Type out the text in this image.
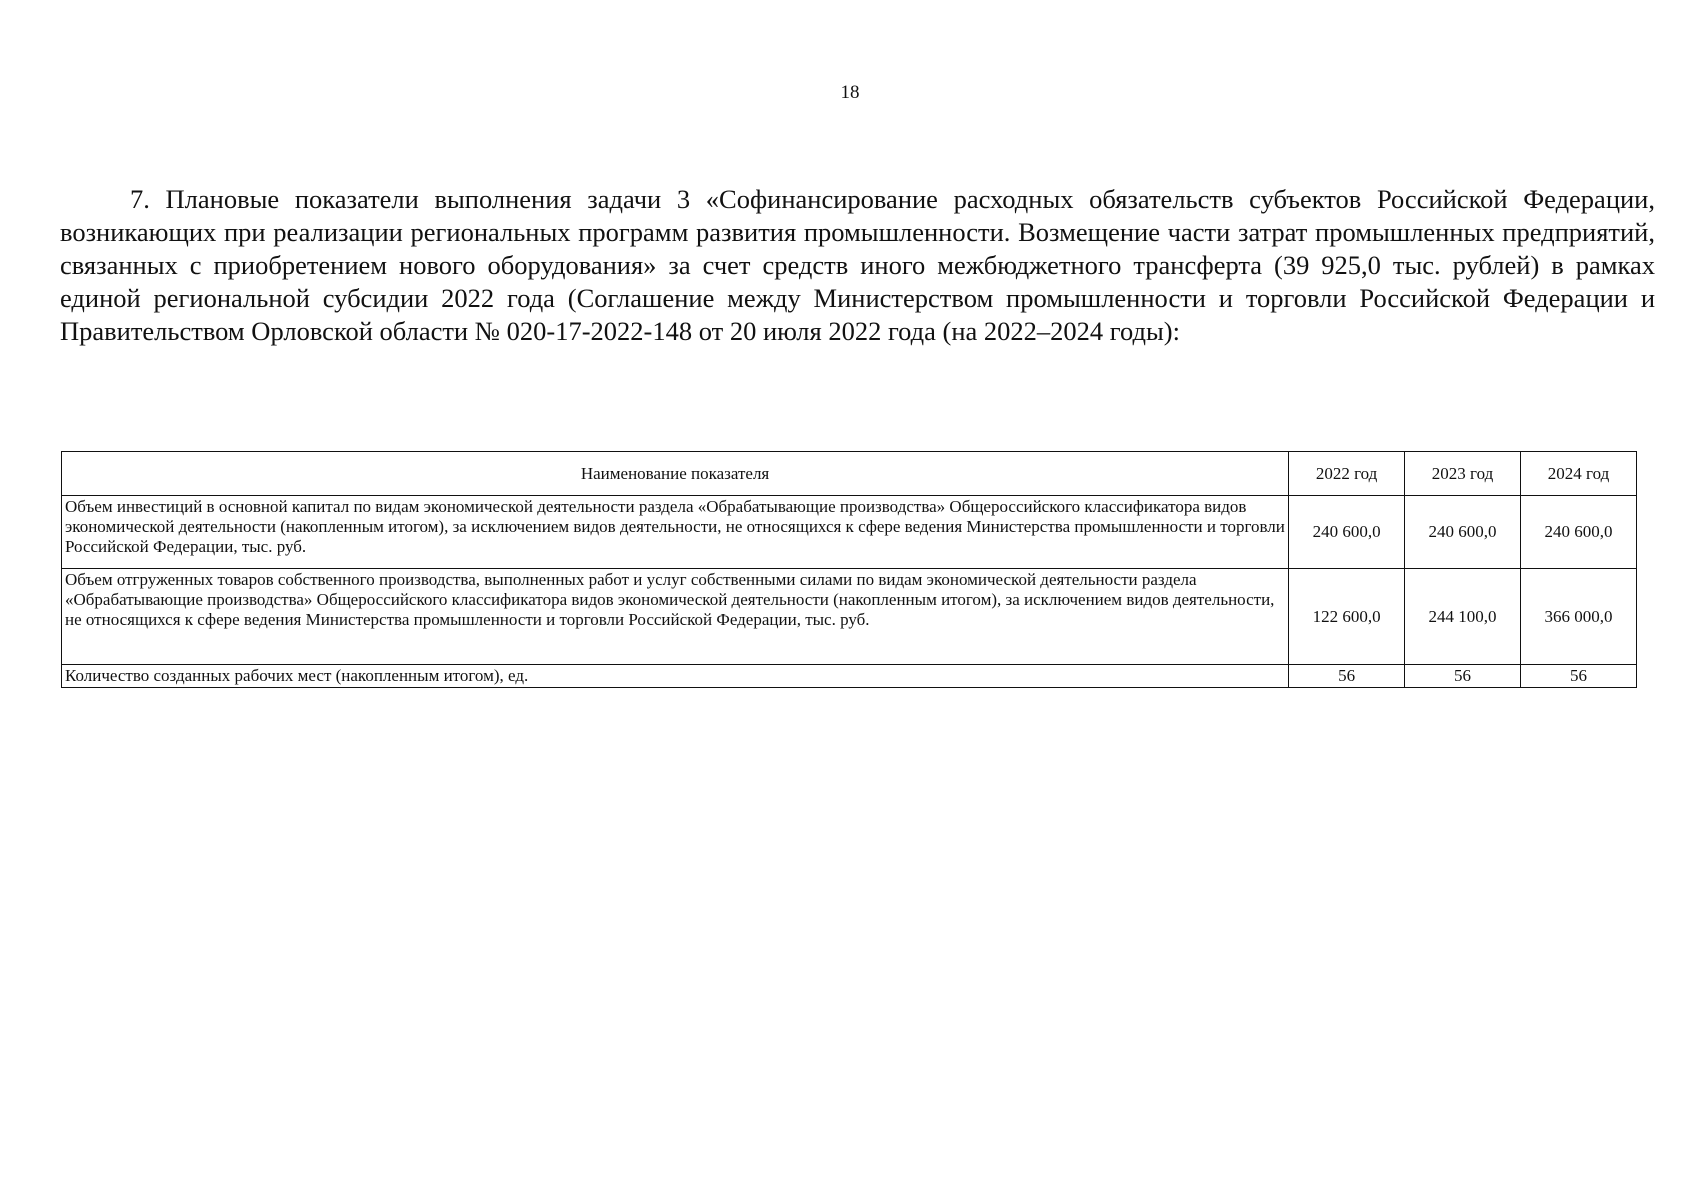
18

7. Плановые показатели выполнения задачи 3 «Софинансирование расходных обязательств субъектов Российской Федерации, возникающих при реализации региональных программ развития промышленности. Возмещение части затрат промышленных предприятий, связанных с приобретением нового оборудования» за счет средств иного межбюджетного трансферта (39 925,0 тыс. рублей) в рамках единой региональной субсидии 2022 года (Соглашение между Министерством промышленности и торговли Российской Федерации и Правительством Орловской области № 020-17-2022-148 от 20 июля 2022 года (на 2022–2024 годы):

Наименование показателя	2022 год	2023 год	2024 год
Объем инвестиций в основной капитал по видам экономической деятельности раздела «Обрабатывающие производства» Общероссийского классификатора видов экономической деятельности (накопленным итогом), за исключением видов деятельности, не относящихся к сфере ведения Министерства промышленности и торговли Российской Федерации, тыс. руб.	240 600,0	240 600,0	240 600,0
Объем отгруженных товаров собственного производства, выполненных работ и услуг собственными силами по видам экономической деятельности раздела «Обрабатывающие производства» Общероссийского классификатора видов экономической деятельности (накопленным итогом), за исключением видов деятельности, не относящихся к сфере ведения Министерства промышленности и торговли Российской Федерации, тыс. руб.	122 600,0	244 100,0	366 000,0
Количество созданных рабочих мест (накопленным итогом), ед.	56	56	56
